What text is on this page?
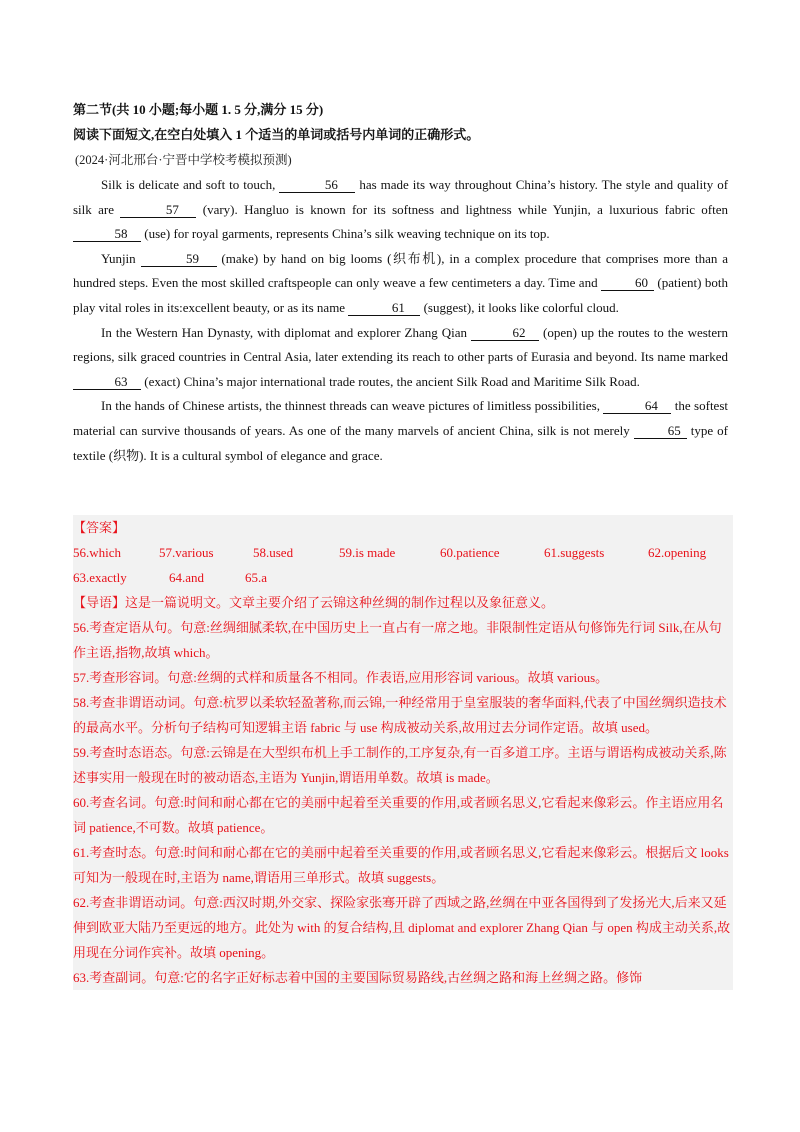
第二节(共 10 小题;每小题 1. 5 分,满分 15 分)
阅读下面短文,在空白处填入 1 个适当的单词或括号内单词的正确形式。
(2024·河北邢台·宁晋中学校考模拟预测)

Silk is delicate and soft to touch,	56 has made its way throughout China’s history. The style and quality of silk are	57 (vary). Hangluo is known for its softness and lightness while Yunjin, a luxurious fabric often 58 (use) for royal garments, represents China’s silk weaving technique on its top.

Yunjin	59 (make) by hand on big looms (织布机), in a complex procedure that comprises more than a hundred steps. Even the most skilled craftspeople can only weave a few centimeters a day. Time and	60 (patient) both play vital roles in its:excellent beauty, or as its name	61 (suggest), it looks like colorful cloud.

In the Western Han Dynasty, with diplomat and explorer Zhang Qian	62 (open) up the routes to the western regions, silk graced countries in Central Asia, later extending its reach to other parts of Eurasia and beyond. Its name marked 63 (exact) China’s major international trade routes, the ancient Silk Road and Maritime Silk Road.

In the hands of Chinese artists, the thinnest threads can weave pictures of limitless possibilities,	64 the softest material can survive thousands of years. As one of the many marvels of ancient China, silk is not merely	65 type of textile (织物). It is a cultural symbol of elegance and grace.

【答案】
56.which	57.various	58.used	59.is made	60.patience	61.suggests	62.opening
63.exactly	64.and	65.a
【导语】这是一篇说明文。文章主要介绍了云锦这种丝绸的制作过程以及象征意义。
56.考查定语从句。句意:丝绸细腻柔软,在中国历史上一直占有一席之地。非限制性定语从句修饰先行词 Silk,在从句作主语,指物,故填 which。
57.考查形容词。句意:丝绸的式样和质量各不相同。作表语,应用形容词 various。故填 various。
58.考查非谓语动词。句意:杭罗以柔软轻盈著称,而云锦,一种经常用于皇室服装的奢华面料,代表了中国丝绸织造技术的最高水平。分析句子结构可知逻辑主语 fabric 与 use 构成被动关系,故用过去分词作定语。故填 used。
59.考查时态语态。句意:云锦是在大型织布机上手工制作的,工序复杂,有一百多道工序。主语与谓语构成被动关系,陈述事实用一般现在时的被动语态,主语为 Yunjin,谓语用单数。故填 is made。
60.考查名词。句意:时间和耐心都在它的美丽中起着至关重要的作用,或者顾名思义,它看起来像彩云。作主语应用名词 patience,不可数。故填 patience。
61.考查时态。句意:时间和耐心都在它的美丽中起着至关重要的作用,或者顾名思义,它看起来像彩云。根据后文 looks 可知为一般现在时,主语为 name,谓语用三单形式。故填 suggests。
62.考查非谓语动词。句意:西汉时期,外交家、探险家张骞开辟了西域之路,丝绸在中亚各国得到了发扬光大,后来又延伸到欧亚大陆乃至更远的地方。此处为 with 的复合结构,且 diplomat and explorer Zhang Qian 与 open 构成主动关系,故用现在分词作宾补。故填 opening。
63.考查副词。句意:它的名字正好标志着中国的主要国际贸易路线,古丝绸之路和海上丝绸之路。修饰
